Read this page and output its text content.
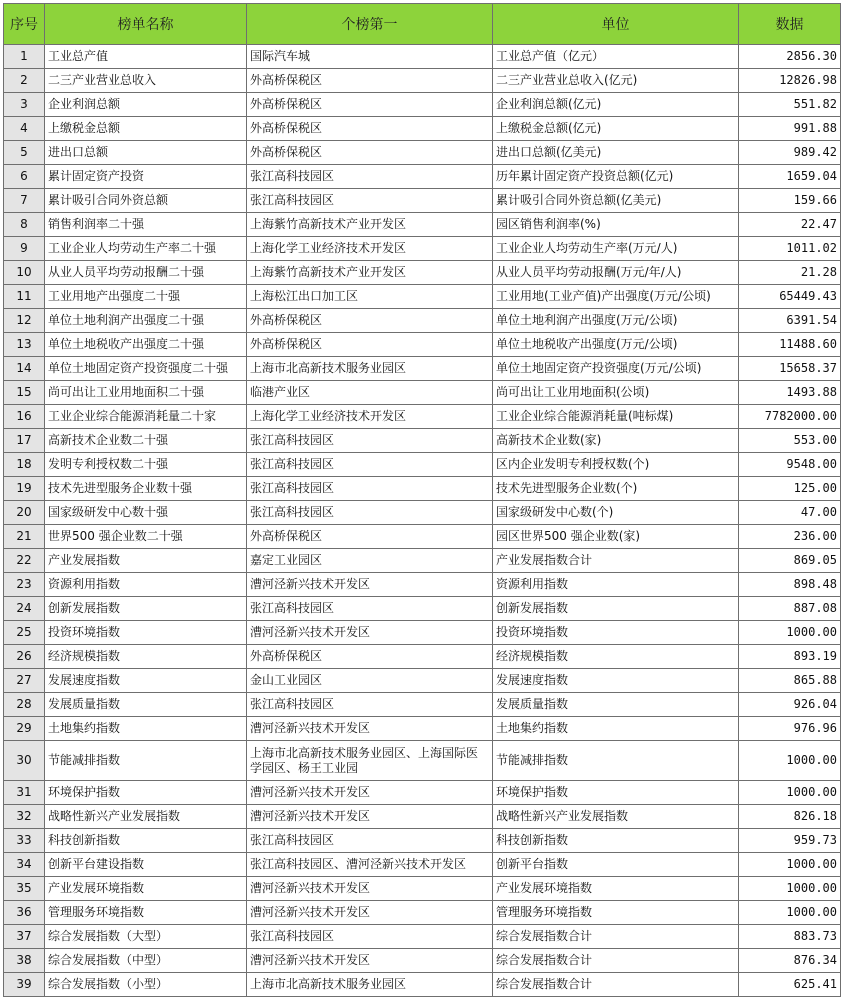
序号	榜单名称	个榜第一	单位	数据
1	工业总产值	国际汽车城	工业总产值（亿元）	2856.30
2	二三产业营业总收入	外高桥保税区	二三产业营业总收入(亿元)	12826.98
3	企业利润总额	外高桥保税区	企业利润总额(亿元)	551.82
4	上缴税金总额	外高桥保税区	上缴税金总额(亿元)	991.88
5	进出口总额	外高桥保税区	进出口总额(亿美元)	989.42
6	累计固定资产投资	张江高科技园区	历年累计固定资产投资总额(亿元)	1659.04
7	累计吸引合同外资总额	张江高科技园区	累计吸引合同外资总额(亿美元)	159.66
8	销售利润率二十强	上海紫竹高新技术产业开发区	园区销售利润率(%)	22.47
9	工业企业人均劳动生产率二十强	上海化学工业经济技术开发区	工业企业人均劳动生产率(万元/人)	1011.02
10	从业人员平均劳动报酬二十强	上海紫竹高新技术产业开发区	从业人员平均劳动报酬(万元/年/人)	21.28
11	工业用地产出强度二十强	上海松江出口加工区	工业用地(工业产值)产出强度(万元/公顷)	65449.43
12	单位土地利润产出强度二十强	外高桥保税区	单位土地利润产出强度(万元/公顷)	6391.54
13	单位土地税收产出强度二十强	外高桥保税区	单位土地税收产出强度(万元/公顷)	11488.60
14	单位土地固定资产投资强度二十强	上海市北高新技术服务业园区	单位土地固定资产投资强度(万元/公顷)	15658.37
15	尚可出让工业用地面积二十强	临港产业区	尚可出让工业用地面积(公顷)	1493.88
16	工业企业综合能源消耗量二十家	上海化学工业经济技术开发区	工业企业综合能源消耗量(吨标煤)	7782000.00
17	高新技术企业数二十强	张江高科技园区	高新技术企业数(家)	553.00
18	发明专利授权数二十强	张江高科技园区	区内企业发明专利授权数(个)	9548.00
19	技术先进型服务企业数十强	张江高科技园区	技术先进型服务企业数(个)	125.00
20	国家级研发中心数十强	张江高科技园区	国家级研发中心数(个)	47.00
21	世界500 强企业数二十强	外高桥保税区	园区世界500 强企业数(家)	236.00
22	产业发展指数	嘉定工业园区	产业发展指数合计	869.05
23	资源利用指数	漕河泾新兴技术开发区	资源利用指数	898.48
24	创新发展指数	张江高科技园区	创新发展指数	887.08
25	投资环境指数	漕河泾新兴技术开发区	投资环境指数	1000.00
26	经济规模指数	外高桥保税区	经济规模指数	893.19
27	发展速度指数	金山工业园区	发展速度指数	865.88
28	发展质量指数	张江高科技园区	发展质量指数	926.04
29	土地集约指数	漕河泾新兴技术开发区	土地集约指数	976.96
30	节能减排指数	上海市北高新技术服务业园区、上海国际医学园区、杨王工业园	节能减排指数	1000.00
31	环境保护指数	漕河泾新兴技术开发区	环境保护指数	1000.00
32	战略性新兴产业发展指数	漕河泾新兴技术开发区	战略性新兴产业发展指数	826.18
33	科技创新指数	张江高科技园区	科技创新指数	959.73
34	创新平台建设指数	张江高科技园区、漕河泾新兴技术开发区	创新平台指数	1000.00
35	产业发展环境指数	漕河泾新兴技术开发区	产业发展环境指数	1000.00
36	管理服务环境指数	漕河泾新兴技术开发区	管理服务环境指数	1000.00
37	综合发展指数（大型）	张江高科技园区	综合发展指数合计	883.73
38	综合发展指数（中型）	漕河泾新兴技术开发区	综合发展指数合计	876.34
39	综合发展指数（小型）	上海市北高新技术服务业园区	综合发展指数合计	625.41
